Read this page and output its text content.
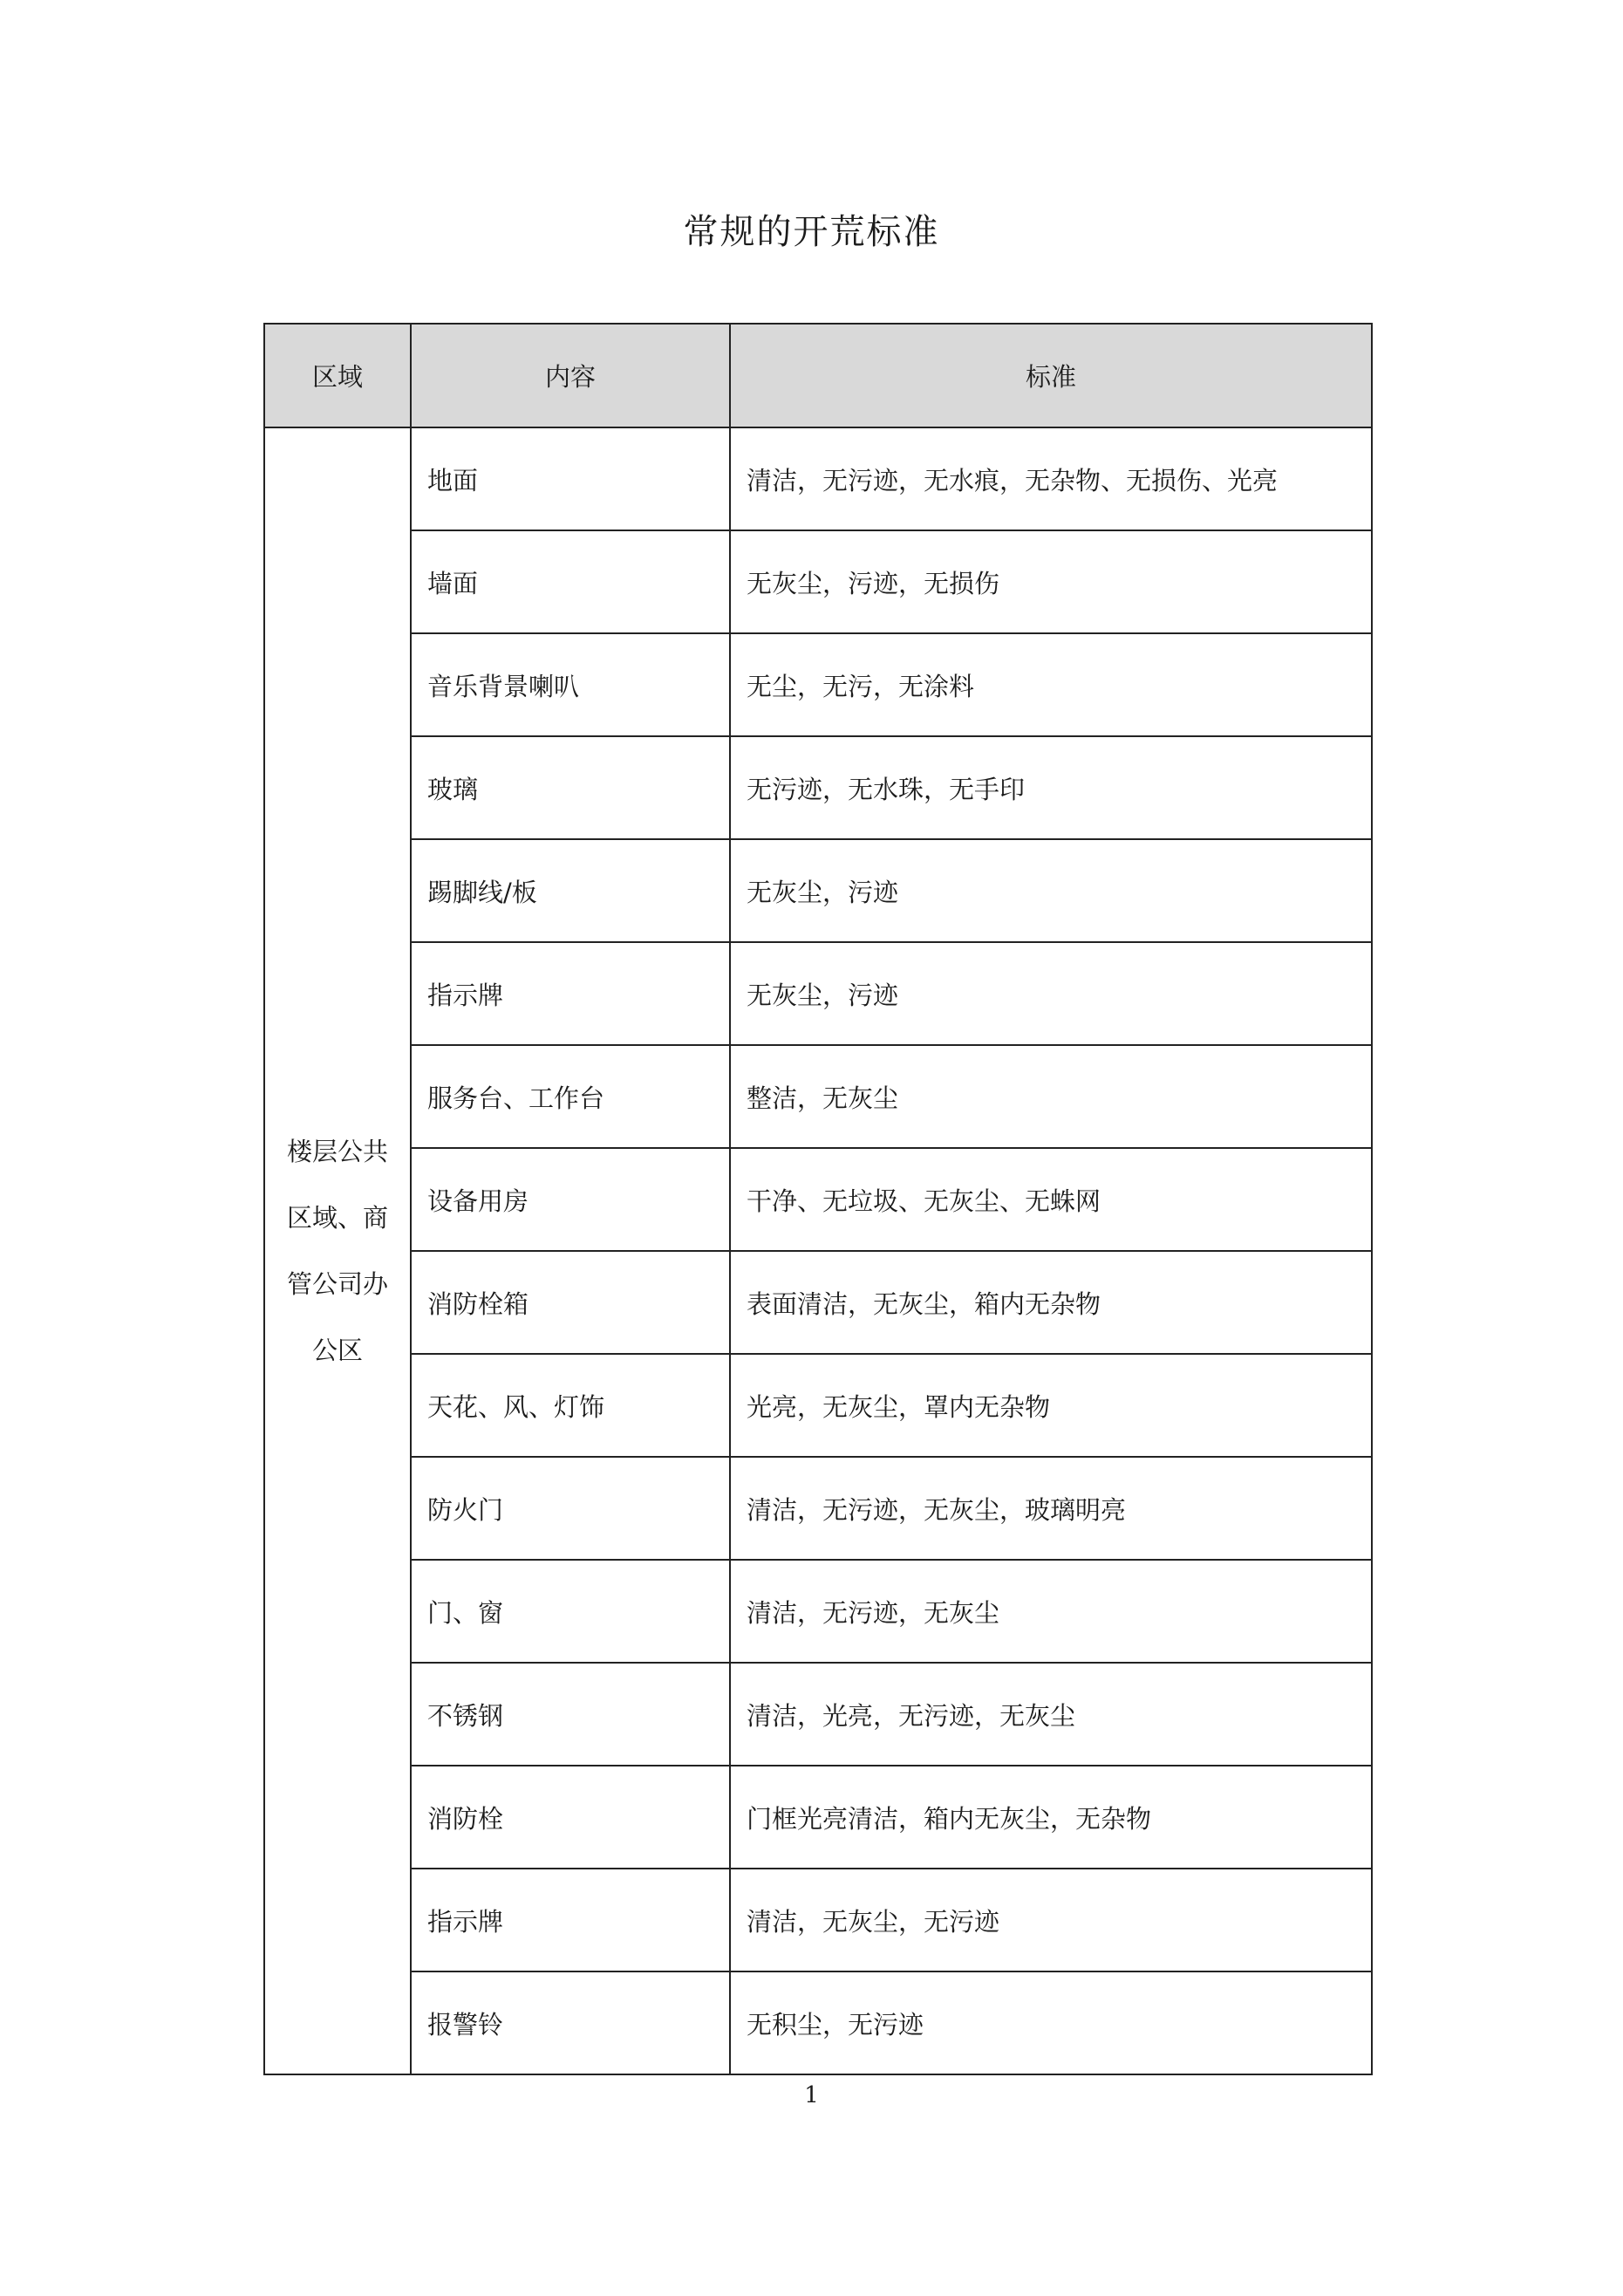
常规的开荒标准
区域	内容	标准

楼层公共
区域、商
管公司办
公区	地面	清洁，无污迹，无水痕，无杂物、无损伤、光亮
	墙面	无灰尘，污迹，无损伤
	音乐背景喇叭	无尘，无污，无涂料
	玻璃	无污迹，无水珠，无手印
	踢脚线/板	无灰尘，污迹
	指示牌	无灰尘，污迹
	服务台、工作台	整洁，无灰尘
	设备用房	干净、无垃圾、无灰尘、无蛛网
	消防栓箱	表面清洁，无灰尘，箱内无杂物
	天花、风、灯饰	光亮，无灰尘，罩内无杂物
	防火门	清洁，无污迹，无灰尘，玻璃明亮
	门、窗	清洁，无污迹，无灰尘
	不锈钢	清洁，光亮，无污迹，无灰尘
	消防栓	门框光亮清洁，箱内无灰尘，无杂物
	指示牌	清洁，无灰尘，无污迹
	报警铃	无积尘，无污迹
1
